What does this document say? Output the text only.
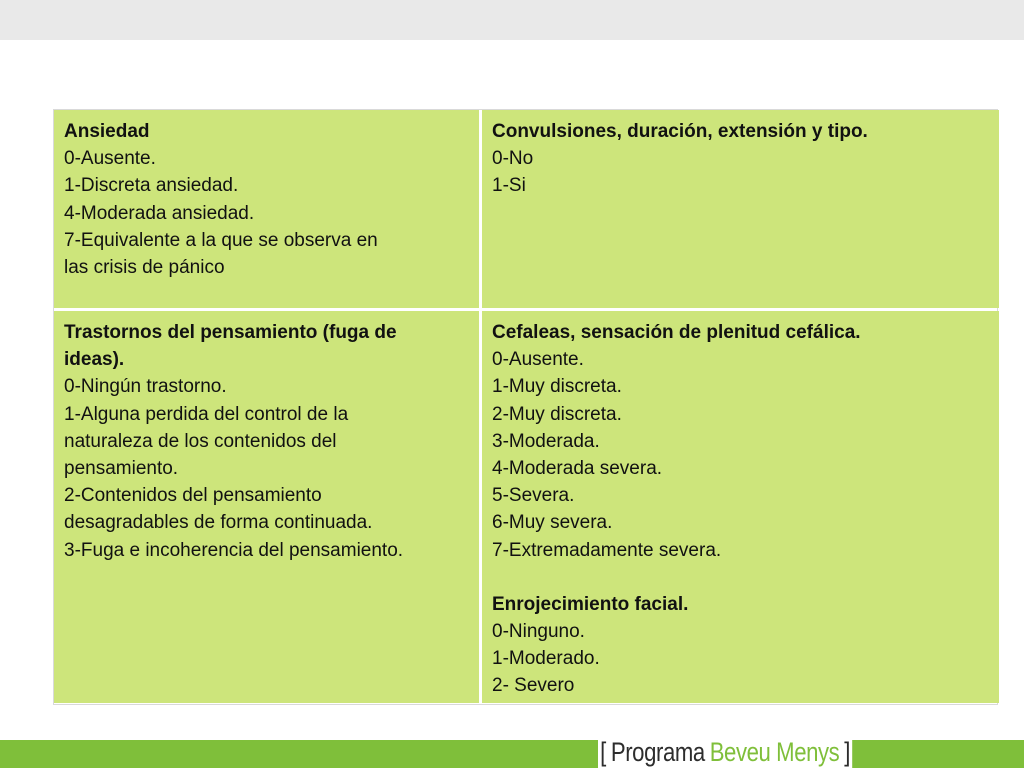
Ansiedad
0-Ausente.
1-Discreta ansiedad.
4-Moderada ansiedad.
7-Equivalente a la que se observa en
las crisis de pánico
Convulsiones, duración, extensión y tipo.
0-No
1-Si
Trastornos del pensamiento (fuga de
ideas).
0-Ningún trastorno.
1-Alguna perdida del control de la
naturaleza de los contenidos del
pensamiento.
2-Contenidos del pensamiento
desagradables de forma continuada.
3-Fuga e incoherencia del pensamiento.
Cefaleas, sensación de plenitud cefálica.
0-Ausente.
1-Muy discreta.
2-Muy discreta.
3-Moderada.
4-Moderada severa.
5-Severa.
6-Muy severa.
7-Extremadamente severa.
Enrojecimiento facial.
0-Ninguno.
1-Moderado.
2- Severo
[ Programa Beveu Menys ]
